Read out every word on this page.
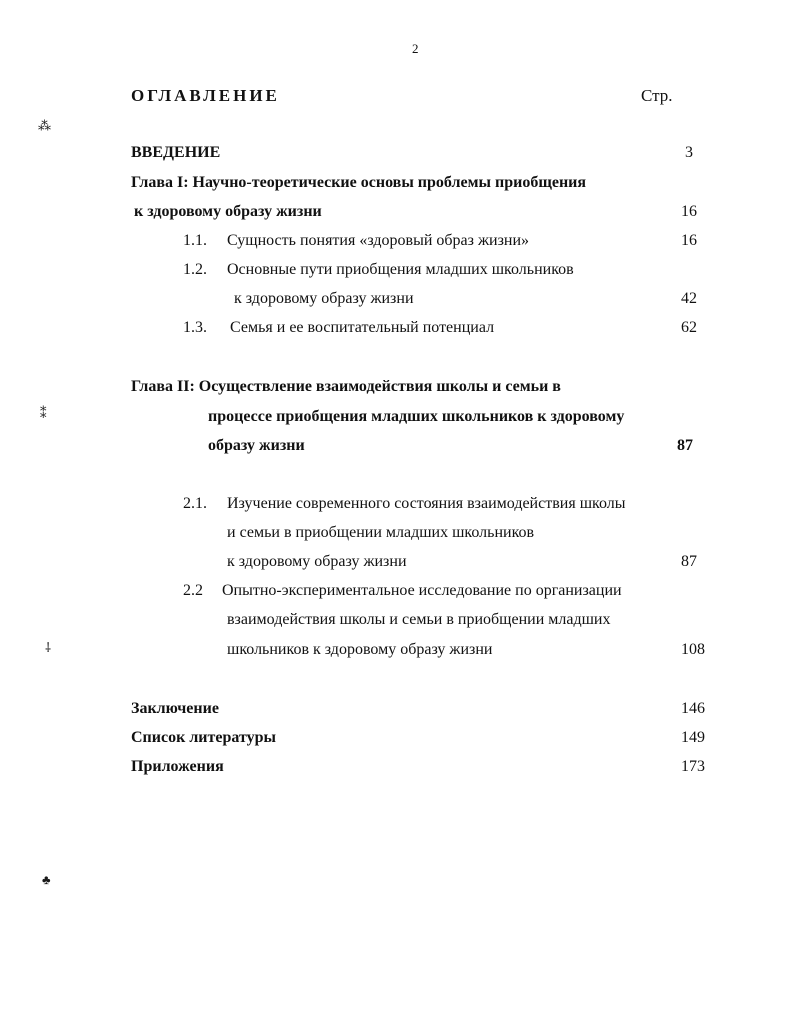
2
ОГЛАВЛЕНИЕ	Стр.
⁂
⁑
⸸
♣
ВВЕДЕНИЕ	3
Глава I: Научно-теоретические основы проблемы приобщения
к здоровому образу жизни	16
1.1. Сущность понятия «здоровый образ жизни»	16
1.2. Основные пути приобщения младших школьников
к здоровому образу жизни	42
1.3. Семья и ее воспитательный потенциал	62
Глава II: Осуществление взаимодействия школы и семьи в
процессе приобщения младших школьников к здоровому
образу жизни	87
2.1. Изучение современного состояния взаимодействия школы
и семьи в приобщении младших школьников
к здоровому образу жизни	87
2.2 Опытно-экспериментальное исследование по организации
взаимодействия школы и семьи в приобщении младших
школьников к здоровому образу жизни	108
Заключение	146
Список литературы	149
Приложения	173
